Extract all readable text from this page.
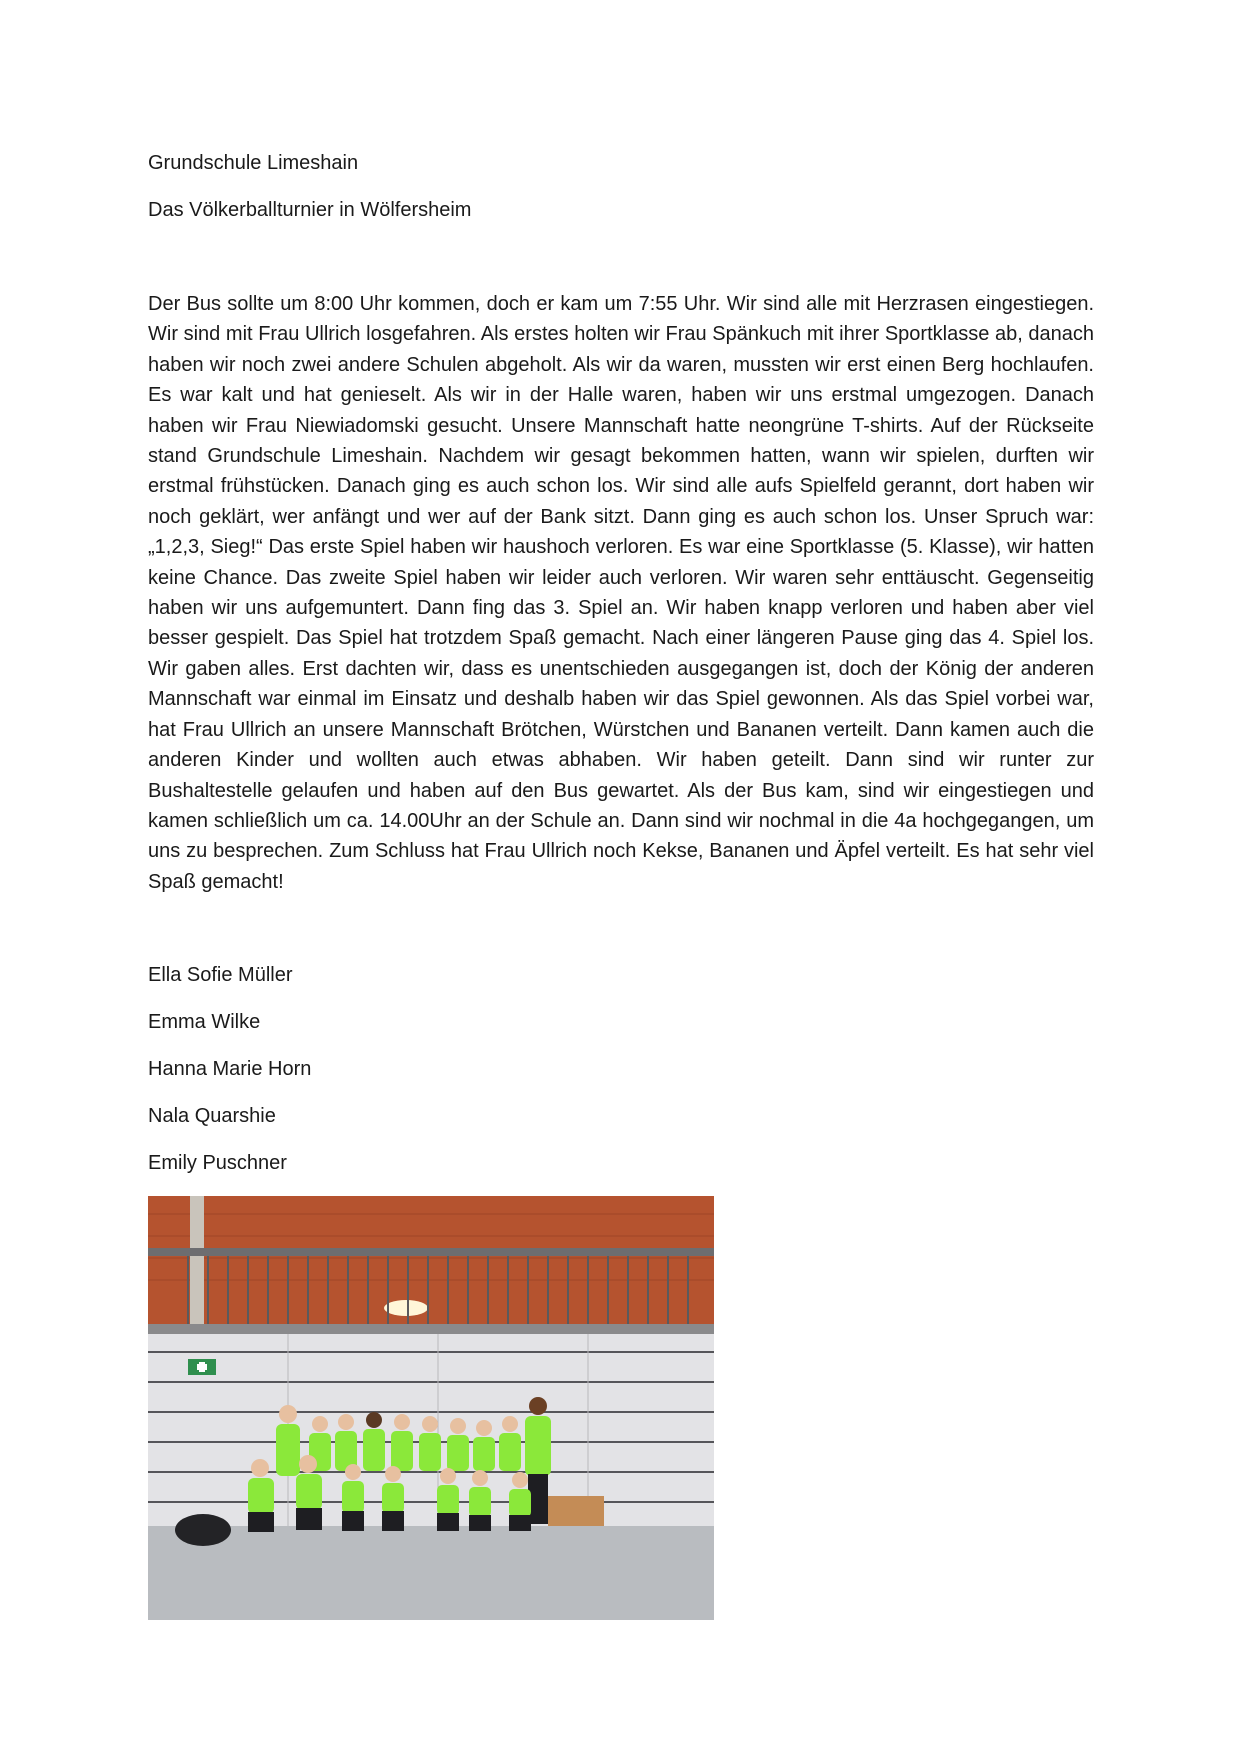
Grundschule Limeshain

Das Völkerballturnier in Wölfersheim

Der Bus sollte um 8:00 Uhr kommen, doch er kam um 7:55 Uhr. Wir sind alle mit Herzrasen eingestiegen. Wir sind mit Frau Ullrich losgefahren. Als erstes holten wir Frau Spänkuch mit ihrer Sportklasse ab, danach haben wir noch zwei andere Schulen abgeholt. Als wir da waren, mussten wir erst einen Berg hochlaufen. Es war kalt und hat genieselt. Als wir in der Halle waren, haben wir uns erstmal umgezogen. Danach haben wir Frau Niewiadomski gesucht. Unsere Mannschaft hatte neongrüne T-shirts. Auf der Rückseite stand Grundschule Limeshain. Nachdem wir gesagt bekommen hatten, wann wir spielen, durften wir erstmal frühstücken. Danach ging es auch schon los. Wir sind alle aufs Spielfeld gerannt, dort haben wir noch geklärt, wer anfängt und wer auf der Bank sitzt. Dann ging es auch schon los. Unser Spruch war: „1,2,3, Sieg!“ Das erste Spiel haben wir haushoch verloren. Es war eine Sportklasse (5. Klasse), wir hatten keine Chance. Das zweite Spiel haben wir leider auch verloren. Wir waren sehr enttäuscht. Gegenseitig haben wir uns aufgemuntert. Dann fing das 3. Spiel an. Wir haben knapp verloren und haben aber viel besser gespielt. Das Spiel hat trotzdem Spaß gemacht. Nach einer längeren Pause ging das 4. Spiel los. Wir gaben alles. Erst dachten wir, dass es unentschieden ausgegangen ist, doch der König der anderen Mannschaft war einmal im Einsatz und deshalb haben wir das Spiel gewonnen. Als das Spiel vorbei war, hat Frau Ullrich an unsere Mannschaft Brötchen, Würstchen und Bananen verteilt. Dann kamen auch die anderen Kinder und wollten auch etwas abhaben. Wir haben geteilt. Dann sind wir runter zur Bushaltestelle gelaufen und haben auf den Bus gewartet. Als der Bus kam, sind wir eingestiegen und kamen schließlich um ca. 14.00Uhr an der Schule an. Dann sind wir nochmal in die 4a hochgegangen, um uns zu besprechen. Zum Schluss hat Frau Ullrich noch Kekse, Bananen und Äpfel verteilt. Es hat sehr viel Spaß gemacht!

Ella Sofie Müller
Emma Wilke
Hanna Marie Horn
Nala Quarshie
Emily Puschner
